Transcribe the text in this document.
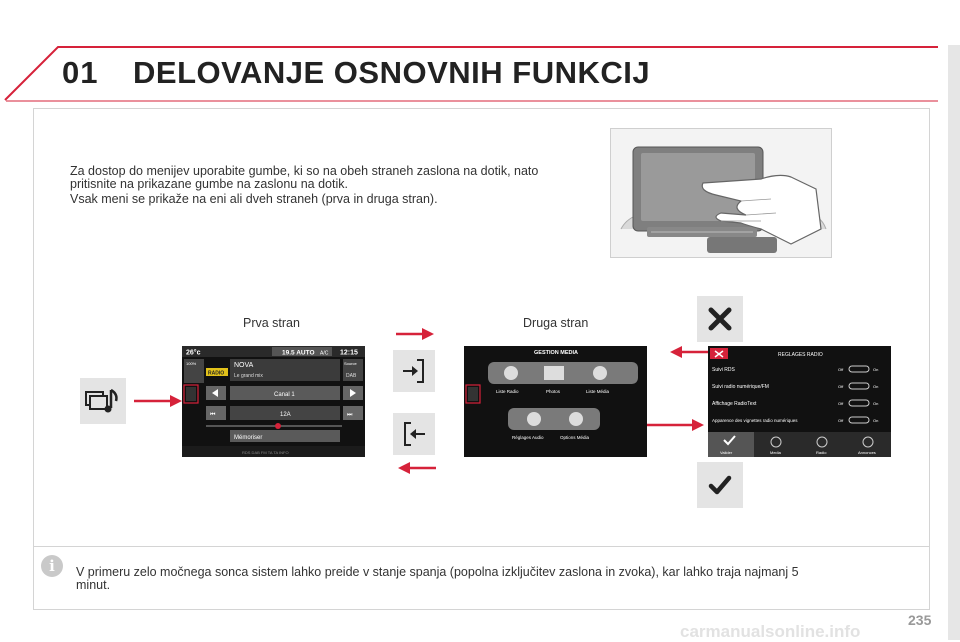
01 DELOVANJE OSNOVNIH FUNKCIJ
Za dostop do menijev uporabite gumbe, ki so na obeh straneh zaslona na dotik, nato pritisnite na prikazane gumbe na zaslonu na dotik.
Vsak meni se prikaže na eni ali dveh straneh (prva in druga stran).
Prva stran	Druga stran
26°c	19.5 AUTO A/C 12:15
100%
RADIO
NOVA
Le grand mix
Source
DAB
Canal 1
⏮	12A	⏭
Mémoriser
RDS DAB FM TA TA INFO
GESTION MEDIA
Liste Radio	Photos	Liste Média
Réglages Audio	Options Média
REGLAGES RADIO
Suivi RDS	Off	On
Suivi radio numérique/FM	Off	On
Affichage RadioText	Off	On
Apparence des vignettes radio numériques	Off	On
Valider	Media	Radio	Annonces
i	V primeru zelo močnega sonca sistem lahko preide v stanje spanja (popolna izključitev zaslona in zvoka), kar lahko traja najmanj 5 minut.
235
carmanualsonline.info
